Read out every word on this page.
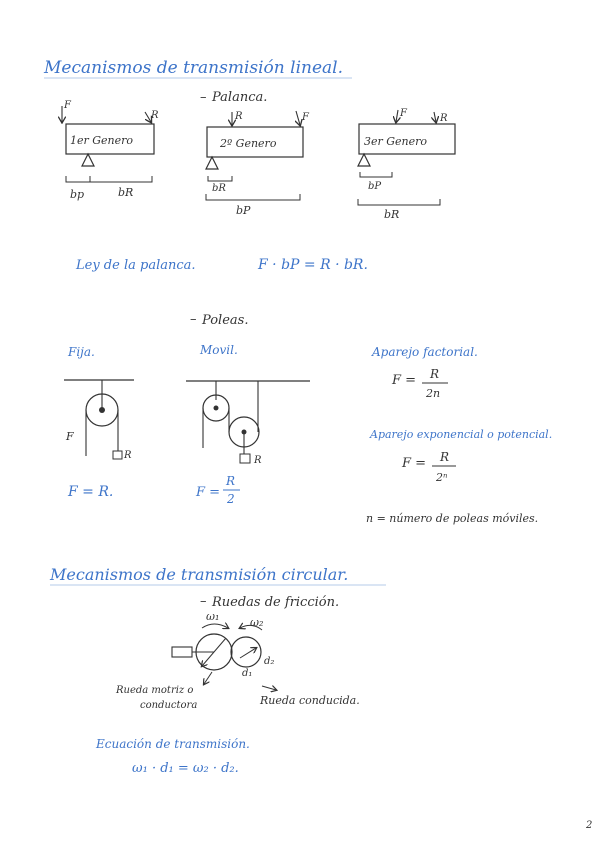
Mecanismos de transmisión lineal.
– Palanca.
1er Genero
F
R
bp	bR
2º Genero
F
R
bR
bP
3er Genero
F	R
bP
bR
Ley de la palanca.	F · bP = R · bR.
– Poleas.
Fija.	Movil.
F
R
F = R.
R
F =
R
2
Aparejo factorial.
F = R
2n
Aparejo exponencial o potencial.
F = R
2ⁿ
n = número de poleas móviles.
Mecanismos de transmisión circular.
– Ruedas de fricción.
ω₁	ω₂
d₁
d₂
Rueda motriz o
conductora	Rueda conducida.
Ecuación de transmisión.
ω₁ · d₁ = ω₂ · d₂.
2
